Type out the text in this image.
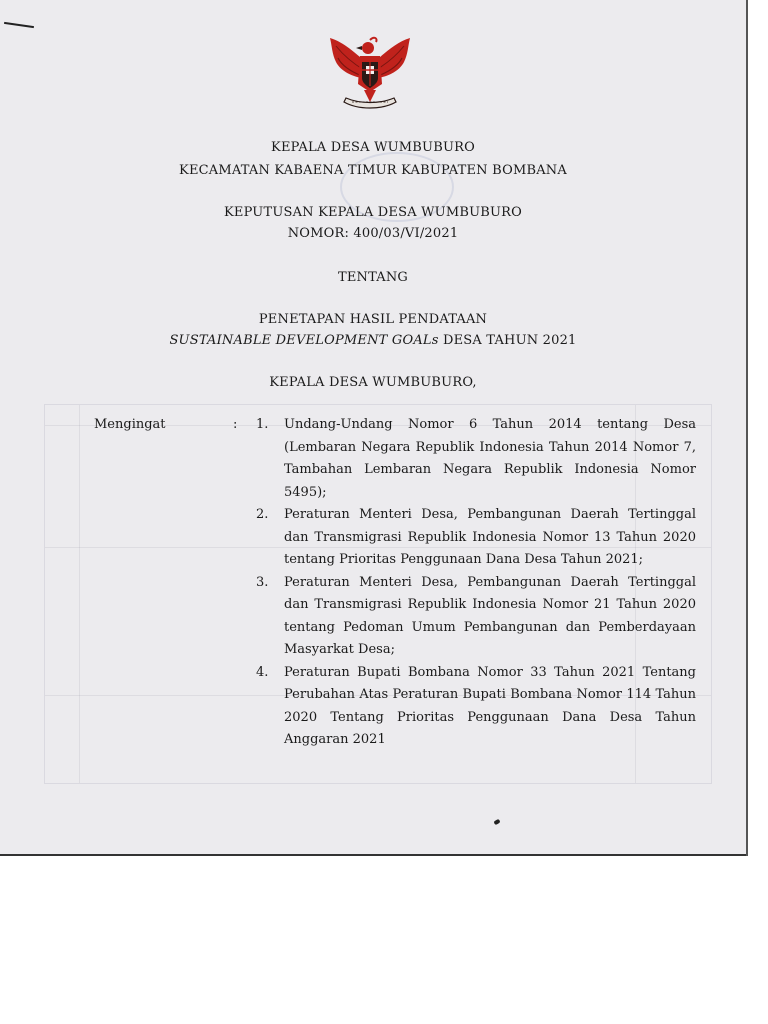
KEPALA DESA WUMBUBURO
KECAMATAN KABAENA TIMUR KABUPATEN BOMBANA
KEPUTUSAN KEPALA DESA WUMBUBURO
NOMOR: 400/03/VI/2021
TENTANG
PENETAPAN HASIL PENDATAAN
SUSTAINABLE DEVELOPMENT GOALs DESA TAHUN 2021
KEPALA DESA WUMBUBURO,
Mengingat	: 1.	Undang-Undang Nomor 6 Tahun 2014 tentang Desa (Lembaran Negara Republik Indonesia Tahun 2014 Nomor 7, Tambahan Lembaran Negara Republik Indonesia Nomor 5495);
2.	Peraturan Menteri Desa, Pembangunan Daerah Tertinggal dan Transmigrasi Republik Indonesia Nomor 13 Tahun 2020 tentang Prioritas Penggunaan Dana Desa Tahun 2021;
3.	Peraturan Menteri Desa, Pembangunan Daerah Tertinggal dan Transmigrasi Republik Indonesia Nomor 21 Tahun 2020 tentang Pedoman Umum Pembangunan dan Pemberdayaan Masyarkat Desa;
4.	Peraturan Bupati Bombana Nomor 33 Tahun 2021 Tentang Perubahan Atas Peraturan Bupati Bombana Nomor 114 Tahun 2020 Tentang Prioritas Penggunaan Dana Desa Tahun Anggaran 2021
